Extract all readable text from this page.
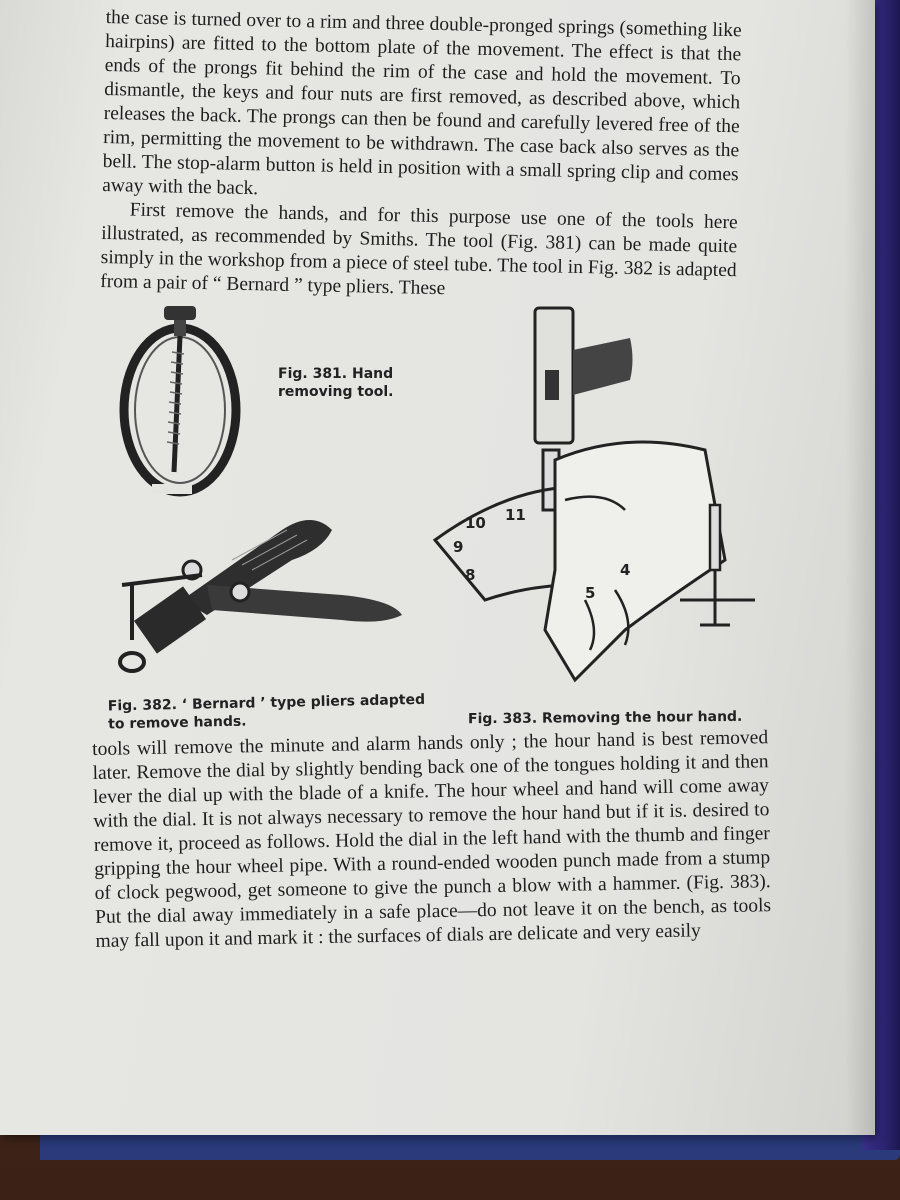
the case is turned over to a rim and three double-pronged springs (something like hairpins) are fitted to the bottom plate of the movement. The effect is that the ends of the prongs fit behind the rim of the case and hold the movement. To dismantle, the keys and four nuts are first removed, as described above, which releases the back. The prongs can then be found and carefully levered free of the rim, permitting the movement to be withdrawn. The case back also serves as the bell. The stop-alarm button is held in position with a small spring clip and comes away with the back.

First remove the hands, and for this purpose use one of the tools here illustrated, as recommended by Smiths. The tool (Fig. 381) can be made quite simply in the workshop from a piece of steel tube. The tool in Fig. 382 is adapted from a pair of “ Bernard ” type pliers. These

Fig. 381. Hand removing tool.
Fig. 382. ‘ Bernard ’ type pliers adapted to remove hands.
11
10
9
8
5
4
Fig. 383. Removing the hour hand.

tools will remove the minute and alarm hands only ; the hour hand is best removed later. Remove the dial by slightly bending back one of the tongues holding it and then lever the dial up with the blade of a knife. The hour wheel and hand will come away with the dial. It is not always necessary to remove the hour hand but if it is. desired to remove it, proceed as follows. Hold the dial in the left hand with the thumb and finger gripping the hour wheel pipe. With a round-ended wooden punch made from a stump of clock pegwood, get someone to give the punch a blow with a hammer. (Fig. 383). Put the dial away immediately in a safe place—do not leave it on the bench, as tools may fall upon it and mark it : the surfaces of dials are delicate and very easily
